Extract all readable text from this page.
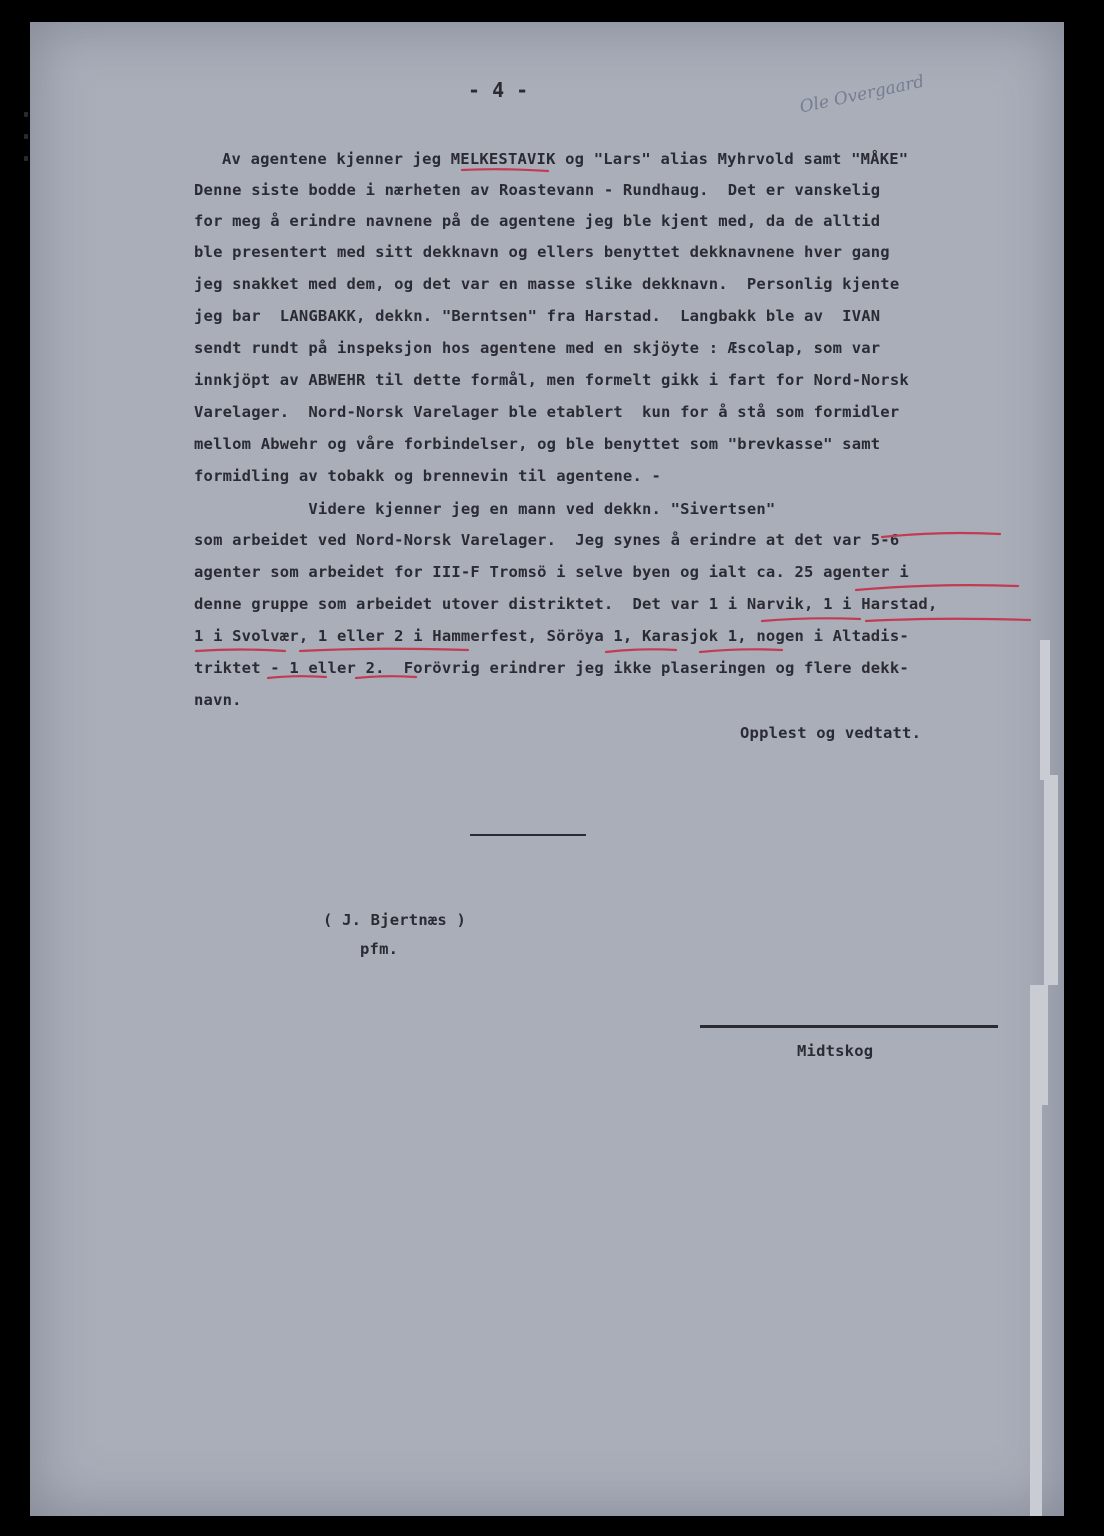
- 4 -	Ole Overgaard
Av agentene kjenner jeg MELKESTAVIK og "Lars" alias Myhrvold samt "MÅKE"
Denne siste bodde i nærheten av Roastevann - Rundhaug.  Det er vanskelig
for meg å erindre navnene på de agentene jeg ble kjent med, da de alltid
ble presentert med sitt dekknavn og ellers benyttet dekknavnene hver gang
jeg snakket med dem, og det var en masse slike dekknavn.  Personlig kjente
jeg bar  LANGBAKK, dekkn. "Berntsen" fra Harstad.  Langbakk ble av  IVAN
sendt rundt på inspeksjon hos agentene med en skjöyte : Æscolap, som var
innkjöpt av ABWEHR til dette formål, men formelt gikk i fart for Nord-Norsk
Varelager.  Nord-Norsk Varelager ble etablert  kun for å stå som formidler
mellom Abwehr og våre forbindelser, og ble benyttet som "brevkasse" samt
formidling av tobakk og brennevin til agentene. -
Videre kjenner jeg en mann ved dekkn. "Sivertsen"
som arbeidet ved Nord-Norsk Varelager.  Jeg synes å erindre at det var 5-6
agenter som arbeidet for III-F Tromsö i selve byen og ialt ca. 25 agenter i
denne gruppe som arbeidet utover distriktet.  Det var 1 i Narvik, 1 i Harstad,
1 i Svolvær, 1 eller 2 i Hammerfest, Söröya 1, Karasjok 1, nogen i Altadis-
triktet - 1 eller 2.  Forövrig erindrer jeg ikke plaseringen og flere dekk-
navn.
Opplest og vedtatt.
( J. Bjertnæs )
pfm.
Midtskog
